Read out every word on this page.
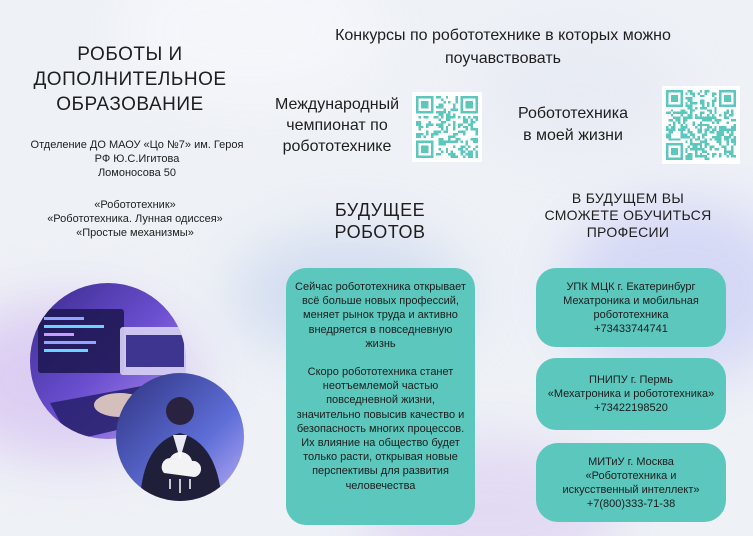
РОБОТЫ И
ДОПОЛНИТЕЛЬНОЕ
ОБРАЗОВАНИЕ
Отделение ДО МАОУ «Цо №7» им. Героя
РФ Ю.С.Игитова
Ломоносова 50
«Робототехник»
«Робототехника. Лунная одиссея»
«Простые механизмы»
Конкурсы по робототехнике в которых можно поучавствовать
Международный
чемпионат по
робототехнике
Робототехника
в моей жизни
БУДУЩЕЕ
РОБОТОВ

Сейчас робототехника открывает всё больше новых профессий, меняет рынок труда и активно внедряется в повседневную жизнь

Скоро робототехника станет неотъемлемой частью повседневной жизни, значительно повысив качество и безопасность многих процессов. Их влияние на общество будет только расти, открывая новые перспективы для развития человечества

В БУДУЩЕМ ВЫ
СМОЖЕТЕ ОБУЧИТЬСЯ
ПРОФЕСИИ
УПК МЦК г. Екатеринбург
Мехатроника и мобильная
робототехника
+73433744741
ПНИПУ г. Пермь
«Мехатроника и робототехника»
+73422198520
МИТиУ г. Москва
«Робототехника и
искусственный интеллект»
+7(800)333-71-38
